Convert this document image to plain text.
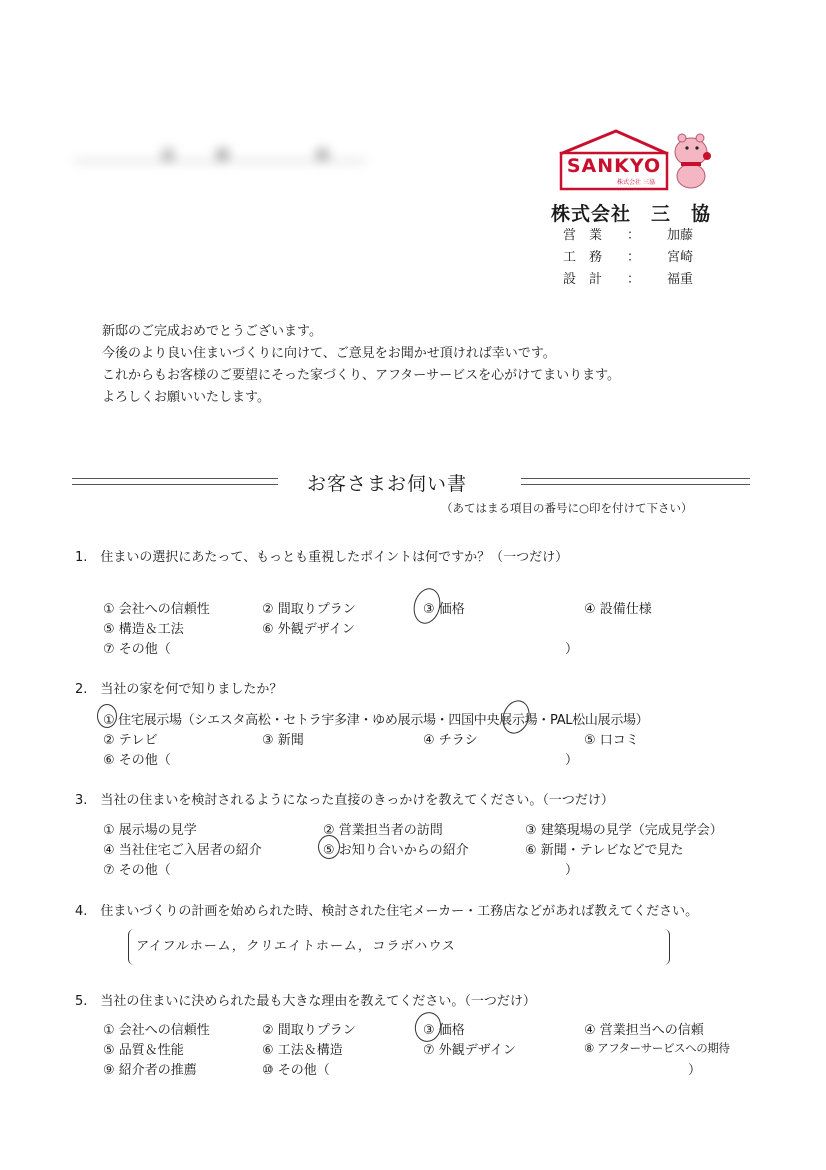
遠藤 様	SANKYO
株式会社 三協
株式会社　三　協
営　業 ： 加藤
工　務 ： 宮崎
設　計 ： 福重
新邸のご完成おめでとうございます。
今後のより良い住まいづくりに向けて、ご意見をお聞かせ頂ければ幸いです。
これからもお客様のご要望にそった家づくり、アフターサービスを心がけてまいります。
よろしくお願いいたします。
お客さまお伺い書
（あてはまる項目の番号に○印を付けて下さい）
1.　住まいの選択にあたって、もっとも重視したポイントは何ですか？（一つだけ）
① 会社への信頼性	② 間取りプラン	③ 価格	④ 設備仕様
⑤ 構造＆工法	⑥ 外観デザイン
⑦ その他（	）
2.　当社の家を何で知りましたか？
① 住宅展示場（シエスタ高松・セトラ宇多津・ゆめ展示場・四国中央展示場・PAL松山展示場）
② テレビ	③ 新聞	④ チラシ	⑤ 口コミ
⑥ その他（	）
3.　当社の住まいを検討されるようになった直接のきっかけを教えてください。（一つだけ）
① 展示場の見学	② 営業担当者の訪問	③ 建築現場の見学（完成見学会）
④ 当社住宅ご入居者の紹介	⑤ お知り合いからの紹介	⑥ 新聞・テレビなどで見た
⑦ その他（	）
4.　住まいづくりの計画を始められた時、検討された住宅メーカー・工務店などがあれば教えてください。
アイフルホーム，クリエイトホーム，コラボハウス
5.　当社の住まいに決められた最も大きな理由を教えてください。（一つだけ）
① 会社への信頼性	② 間取りプラン	③ 価格	④ 営業担当への信頼
⑤ 品質＆性能	⑥ 工法＆構造	⑦ 外観デザイン	⑧ アフターサービスへの期待
⑨ 紹介者の推薦	⑩ その他（	）
